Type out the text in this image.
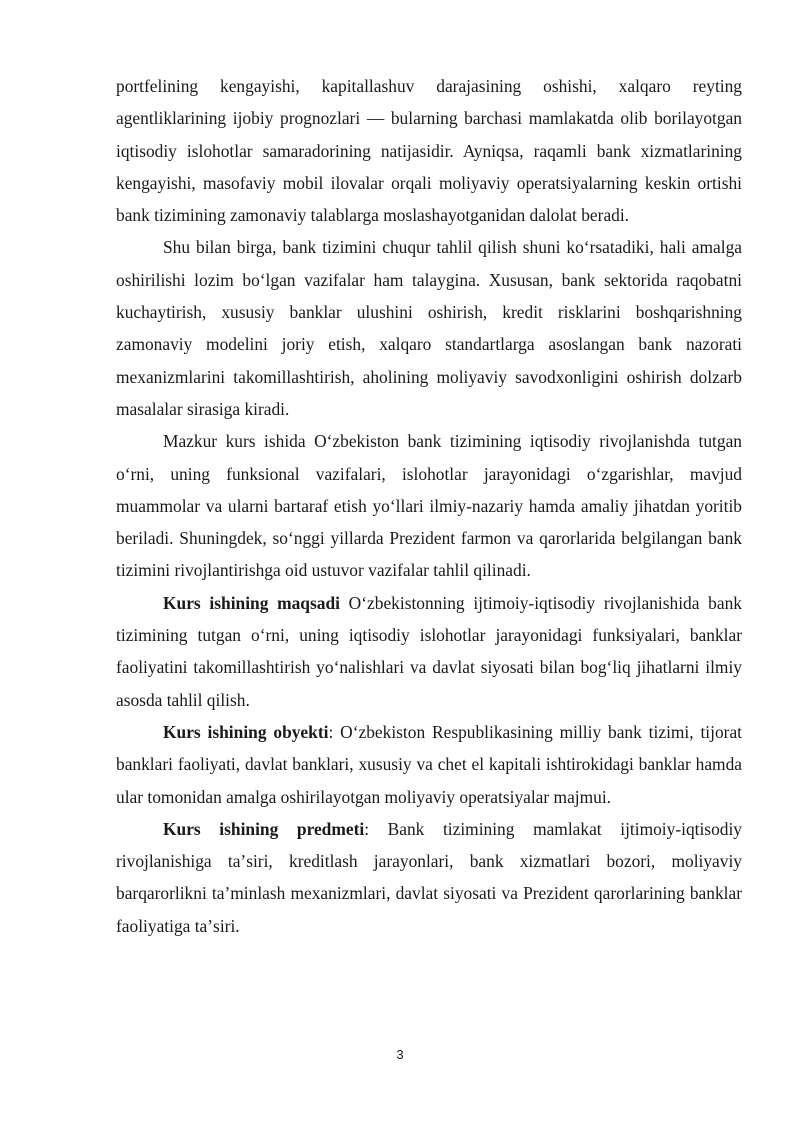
portfelining kengayishi, kapitallashuv darajasining oshishi, xalqaro reyting agentliklarining ijobiy prognozlari — bularning barchasi mamlakatda olib borilayotgan iqtisodiy islohotlar samaradorining natijasidir. Ayniqsa, raqamli bank xizmatlarining kengayishi, masofaviy mobil ilovalar orqali moliyaviy operatsiyalarning keskin ortishi bank tizimining zamonaviy talablarga moslashayotganidan dalolat beradi.

Shu bilan birga, bank tizimini chuqur tahlil qilish shuni koʻrsatadiki, hali amalga oshirilishi lozim boʻlgan vazifalar ham talaygina. Xususan, bank sektorida raqobatni kuchaytirish, xususiy banklar ulushini oshirish, kredit risklarini boshqarishning zamonaviy modelini joriy etish, xalqaro standartlarga asoslangan bank nazorati mexanizmlarini takomillashtirish, aholining moliyaviy savodxonligini oshirish dolzarb masalalar sirasiga kiradi.

Mazkur kurs ishida Oʻzbekiston bank tizimining iqtisodiy rivojlanishda tutgan oʻrni, uning funksional vazifalari, islohotlar jarayonidagi oʻzgarishlar, mavjud muammolar va ularni bartaraf etish yoʻllari ilmiy-nazariy hamda amaliy jihatdan yoritib beriladi. Shuningdek, soʻnggi yillarda Prezident farmon va qarorlarida belgilangan bank tizimini rivojlantirishga oid ustuvor vazifalar tahlil qilinadi.

Kurs ishining maqsadi Oʻzbekistonning ijtimoiy-iqtisodiy rivojlanishida bank tizimining tutgan oʻrni, uning iqtisodiy islohotlar jarayonidagi funksiyalari, banklar faoliyatini takomillashtirish yoʻnalishlari va davlat siyosati bilan bogʻliq jihatlarni ilmiy asosda tahlil qilish.

Kurs ishining obyekti: Oʻzbekiston Respublikasining milliy bank tizimi, tijorat banklari faoliyati, davlat banklari, xususiy va chet el kapitali ishtirokidagi banklar hamda ular tomonidan amalga oshirilayotgan moliyaviy operatsiyalar majmui.

Kurs ishining predmeti: Bank tizimining mamlakat ijtimoiy-iqtisodiy rivojlanishiga taʼsiri, kreditlash jarayonlari, bank xizmatlari bozori, moliyaviy barqarorlikni taʼminlash mexanizmlari, davlat siyosati va Prezident qarorlarining banklar faoliyatiga taʼsiri.

3
